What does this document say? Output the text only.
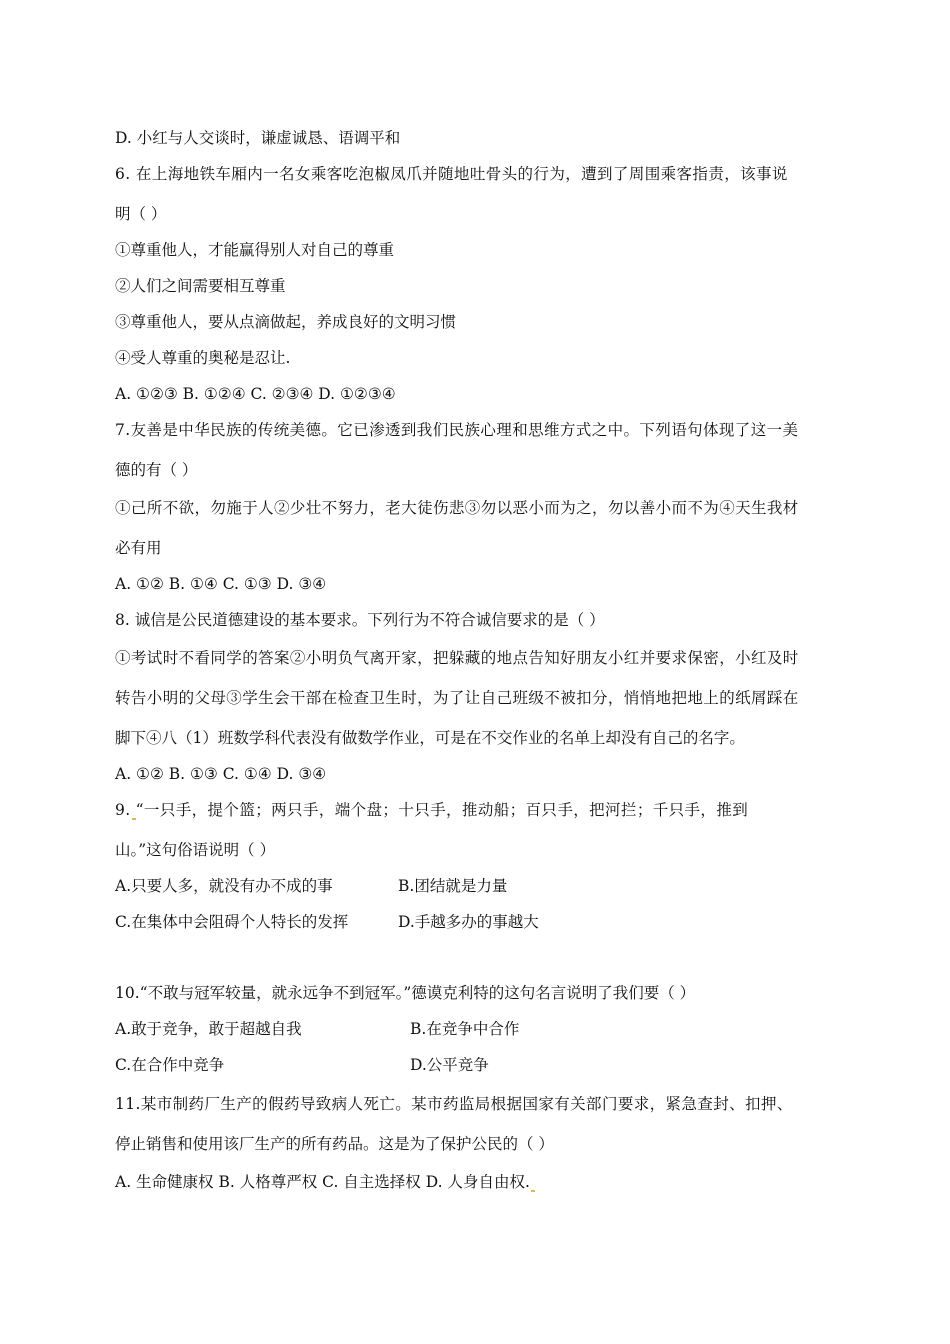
D. 小红与人交谈时，谦虚诚恳、语调平和
6. 在上海地铁车厢内一名女乘客吃泡椒凤爪并随地吐骨头的行为，遭到了周围乘客指责，该事说
明（ ）
①尊重他人，才能赢得别人对自己的尊重
②人们之间需要相互尊重
③尊重他人，要从点滴做起，养成良好的文明习惯
④受人尊重的奥秘是忍让.
A. ①②③ B. ①②④ C. ②③④ D. ①②③④
7.友善是中华民族的传统美德。它已渗透到我们民族心理和思维方式之中。下列语句体现了这一美
德的有（ ）
①己所不欲，勿施于人②少壮不努力，老大徒伤悲③勿以恶小而为之，勿以善小而不为④天生我材
必有用
A. ①② B. ①④ C. ①③ D. ③④
8. 诚信是公民道德建设的基本要求。下列行为不符合诚信要求的是（ ）
①考试时不看同学的答案②小明负气离开家，把躲藏的地点告知好朋友小红并要求保密，小红及时
转告小明的父母③学生会干部在检查卫生时，为了让自己班级不被扣分，悄悄地把地上的纸屑踩在
脚下④八（1）班数学科代表没有做数学作业，可是在不交作业的名单上却没有自己的名字。
A. ①② B. ①③ C. ①④ D. ③④
9. “一只手，提个篮；两只手，端个盘；十只手，推动船；百只手，把河拦；千只手，推到
山。”这句俗语说明（ ）
A.只要人多，就没有办不成的事	B.团结就是力量
C.在集体中会阻碍个人特长的发挥	D.手越多办的事越大
10.“不敢与冠军较量，就永远争不到冠军。”德谟克利特的这句名言说明了我们要（ ）
A.敢于竞争，敢于超越自我	B.在竞争中合作
C.在合作中竞争	D.公平竞争
11.某市制药厂生产的假药导致病人死亡。某市药监局根据国家有关部门要求，紧急查封、扣押、
停止销售和使用该厂生产的所有药品。这是为了保护公民的（ ）
A. 生命健康权 B. 人格尊严权 C. 自主选择权 D. 人身自由权.
